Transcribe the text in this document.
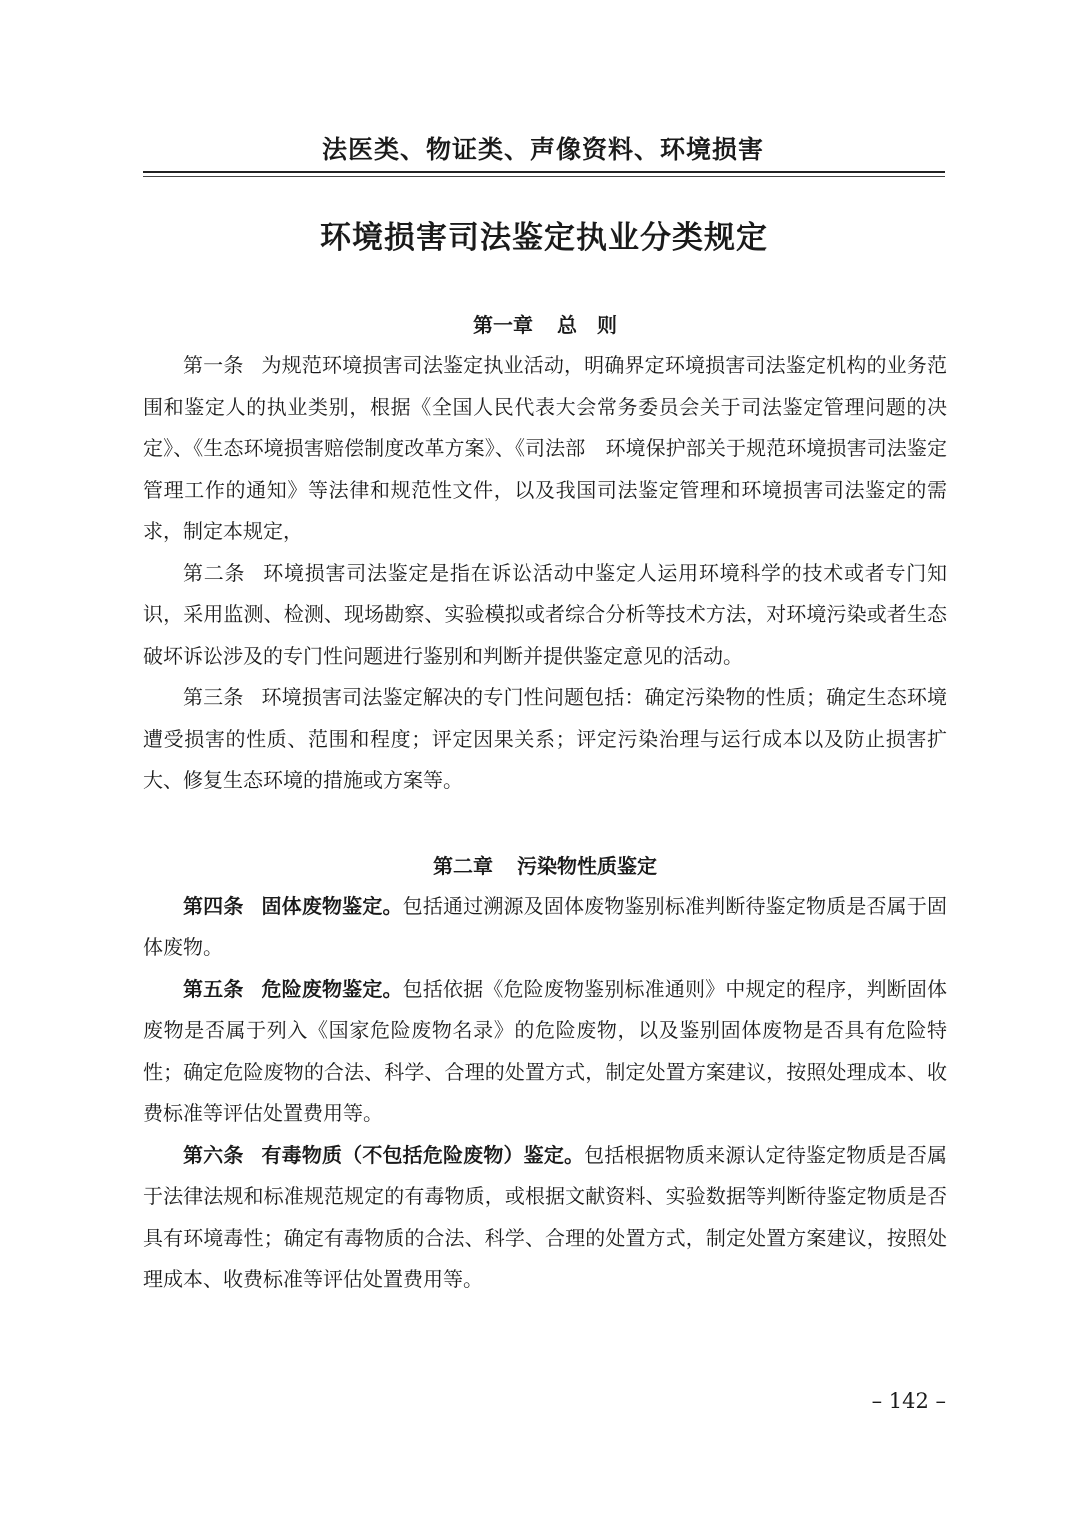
法医类、物证类、声像资料、环境损害
环境损害司法鉴定执业分类规定
第一章 总　则

第一条 为规范环境损害司法鉴定执业活动，明确界定环境损害司法鉴定机构的业务范围和鉴定人的执业类别，根据《全国人民代表大会常务委员会关于司法鉴定管理问题的决定》、《生态环境损害赔偿制度改革方案》、《司法部　环境保护部关于规范环境损害司法鉴定管理工作的通知》等法律和规范性文件，以及我国司法鉴定管理和环境损害司法鉴定的需求，制定本规定，

第二条 环境损害司法鉴定是指在诉讼活动中鉴定人运用环境科学的技术或者专门知识，采用监测、检测、现场勘察、实验模拟或者综合分析等技术方法，对环境污染或者生态破坏诉讼涉及的专门性问题进行鉴别和判断并提供鉴定意见的活动。

第三条 环境损害司法鉴定解决的专门性问题包括：确定污染物的性质；确定生态环境遭受损害的性质、范围和程度；评定因果关系；评定污染治理与运行成本以及防止损害扩大、修复生态环境的措施或方案等。

第二章 污染物性质鉴定

第四条 固体废物鉴定。包括通过溯源及固体废物鉴别标准判断待鉴定物质是否属于固体废物。

第五条 危险废物鉴定。包括依据《危险废物鉴别标准通则》中规定的程序，判断固体废物是否属于列入《国家危险废物名录》的危险废物，以及鉴别固体废物是否具有危险特性；确定危险废物的合法、科学、合理的处置方式，制定处置方案建议，按照处理成本、收费标准等评估处置费用等。

第六条 有毒物质（不包括危险废物）鉴定。包括根据物质来源认定待鉴定物质是否属于法律法规和标准规范规定的有毒物质，或根据文献资料、实验数据等判断待鉴定物质是否具有环境毒性；确定有毒物质的合法、科学、合理的处置方式，制定处置方案建议，按照处理成本、收费标准等评估处置费用等。

– 142 –
